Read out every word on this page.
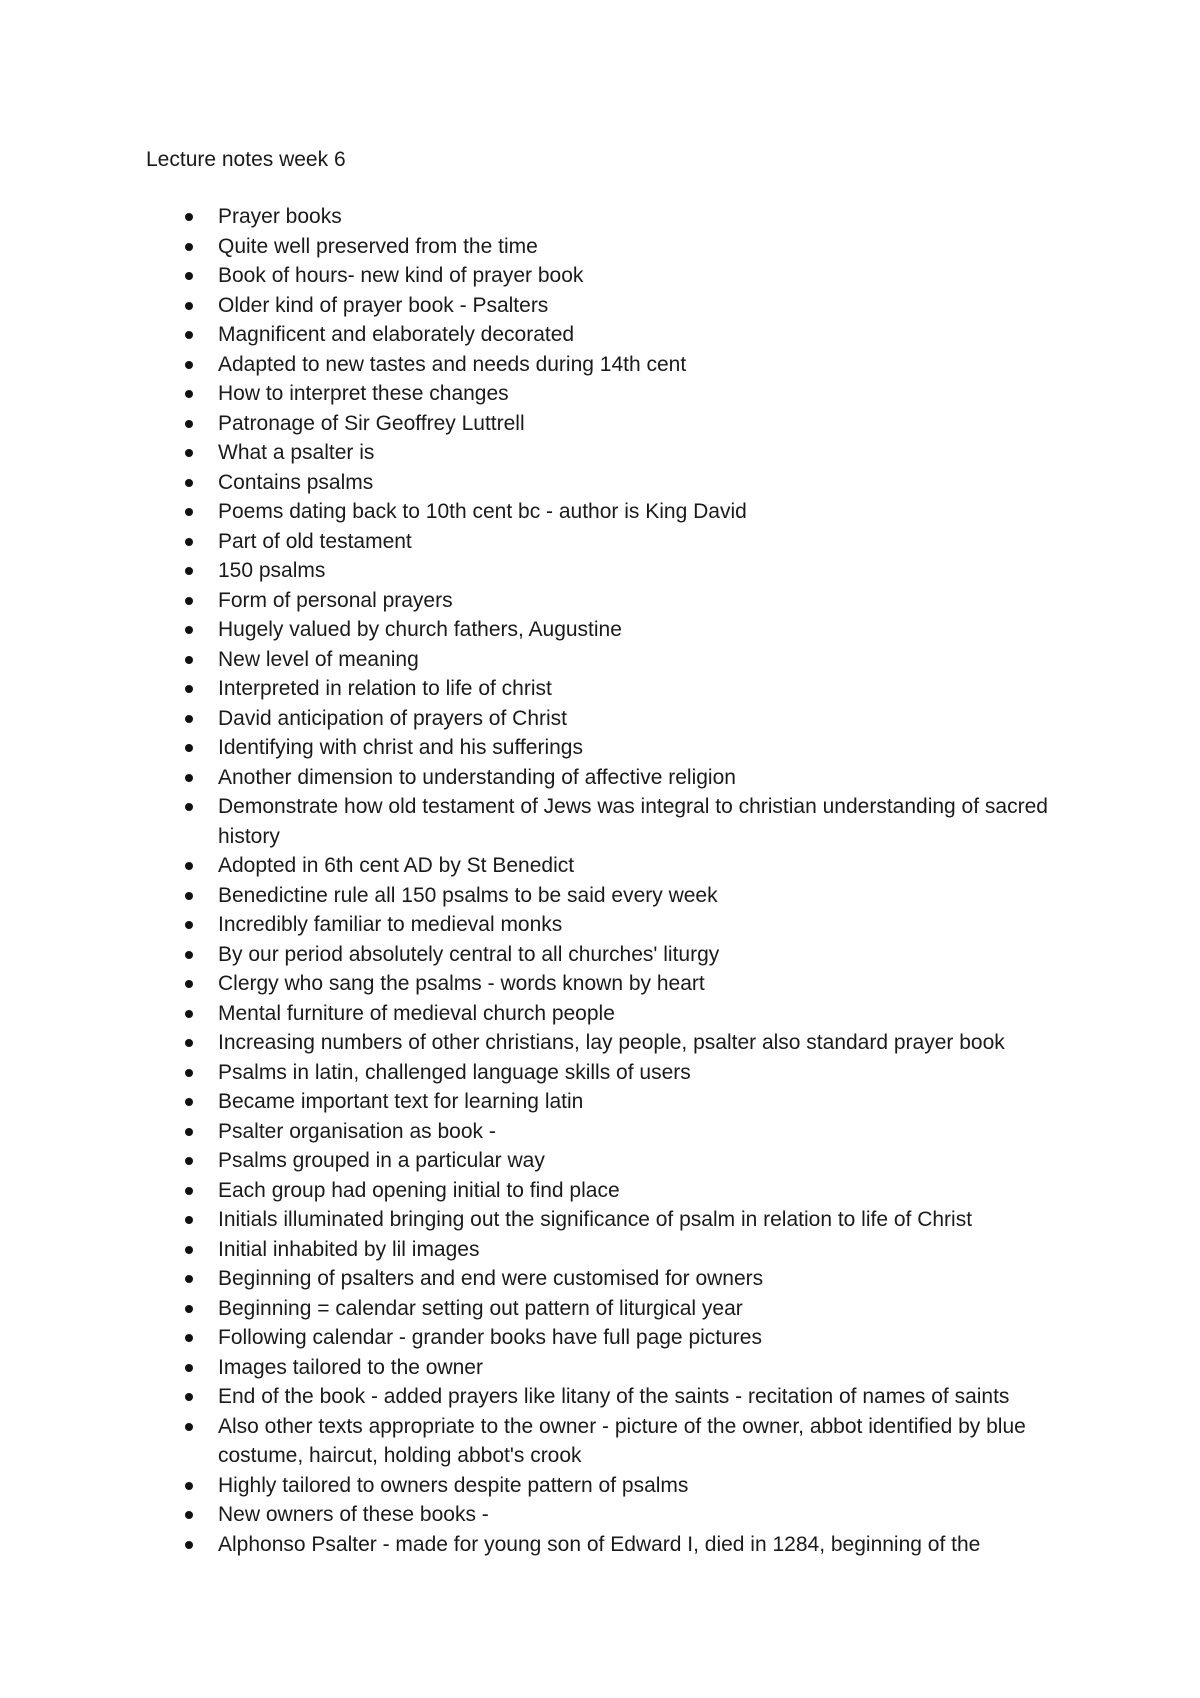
Lecture notes week 6
Prayer books
Quite well preserved from the time
Book of hours- new kind of prayer book
Older kind of prayer book - Psalters
Magnificent and elaborately decorated
Adapted to new tastes and needs during 14th cent
How to interpret these changes
Patronage of Sir Geoffrey Luttrell
What a psalter is
Contains psalms
Poems dating back to 10th cent bc - author is King David
Part of old testament
150 psalms
Form of personal prayers
Hugely valued by church fathers, Augustine
New level of meaning
Interpreted in relation to life of christ
David anticipation of prayers of Christ
Identifying with christ and his sufferings
Another dimension to understanding of affective religion
Demonstrate how old testament of Jews was integral to christian understanding of sacred history
Adopted in 6th cent AD by St Benedict
Benedictine rule all 150 psalms to be said every week
Incredibly familiar to medieval monks
By our period absolutely central to all churches' liturgy
Clergy who sang the psalms - words known by heart
Mental furniture of medieval church people
Increasing numbers of other christians, lay people, psalter also standard prayer book
Psalms in latin, challenged language skills of users
Became important text for learning latin
Psalter organisation as book -
Psalms grouped in a particular way
Each group had opening initial to find place
Initials illuminated bringing out the significance of psalm in relation to life of Christ
Initial inhabited by lil images
Beginning of psalters and end were customised for owners
Beginning = calendar setting out pattern of liturgical year
Following calendar - grander books have full page pictures
Images tailored to the owner
End of the book - added prayers like litany of the saints - recitation of names of saints
Also other texts appropriate to the owner - picture of the owner, abbot identified by blue costume, haircut, holding abbot's crook
Highly tailored to owners despite pattern of psalms
New owners of these books -
Alphonso Psalter - made for young son of Edward I, died in 1284, beginning of the
